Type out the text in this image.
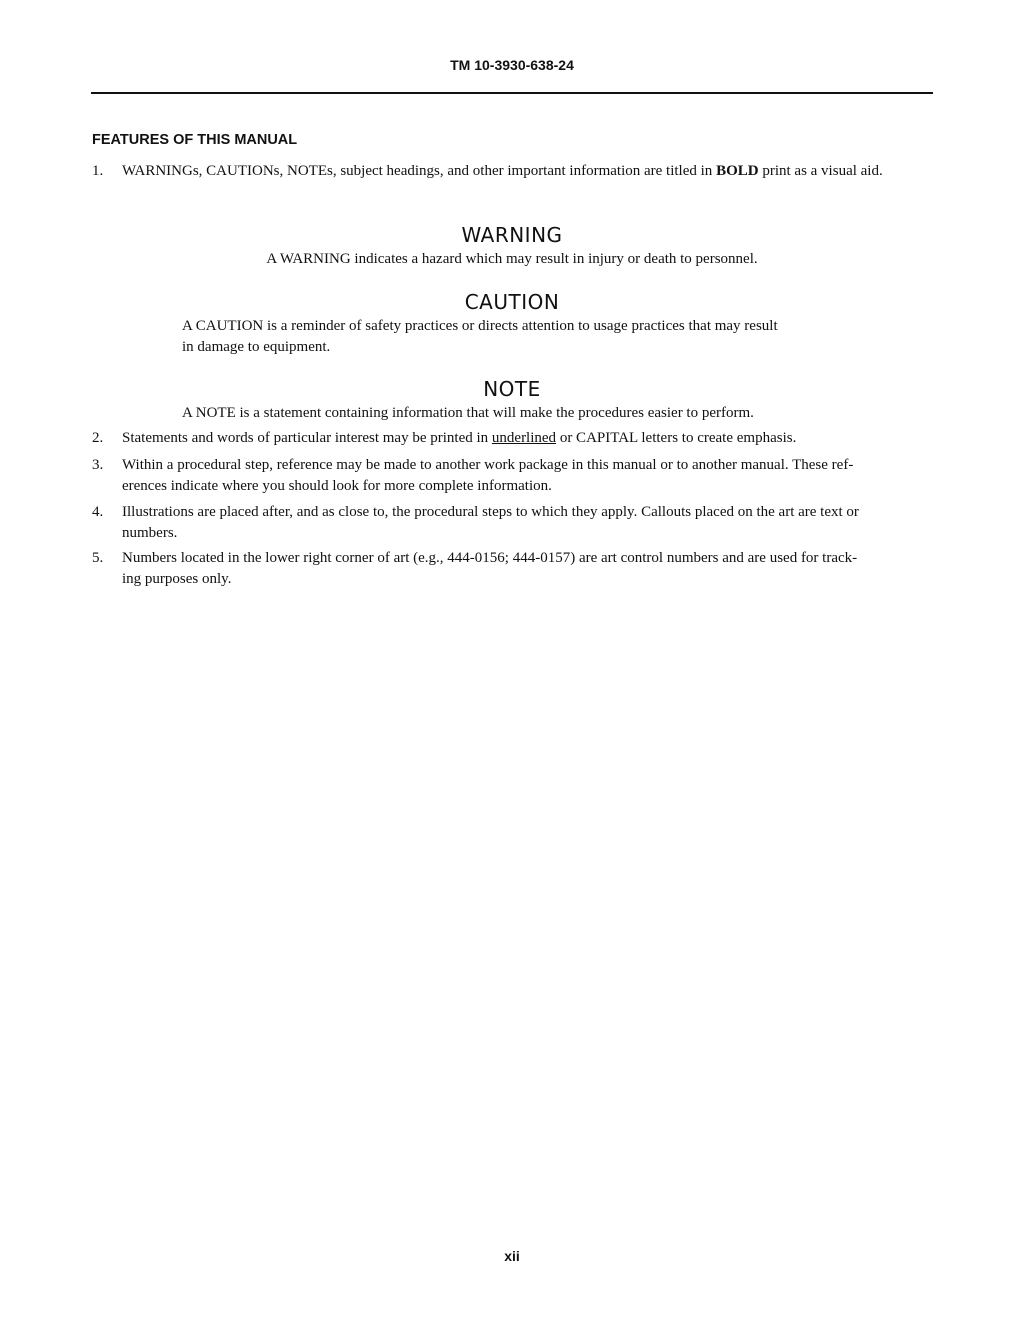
TM 10-3930-638-24
FEATURES OF THIS MANUAL
1. WARNINGs, CAUTIONs, NOTEs, subject headings, and other important information are titled in BOLD print as a visual aid.
WARNING
A WARNING indicates a hazard which may result in injury or death to personnel.
CAUTION
A CAUTION is a reminder of safety practices or directs attention to usage practices that may result
in damage to equipment.
NOTE
A NOTE is a statement containing information that will make the procedures easier to perform.
2. Statements and words of particular interest may be printed in underlined or CAPITAL letters to create emphasis.
3. Within a procedural step, reference may be made to another work package in this manual or to another manual. These ref-
erences indicate where you should look for more complete information.
4. Illustrations are placed after, and as close to, the procedural steps to which they apply. Callouts placed on the art are text or
numbers.
5. Numbers located in the lower right corner of art (e.g., 444-0156; 444-0157) are art control numbers and are used for track-
ing purposes only.
xii
